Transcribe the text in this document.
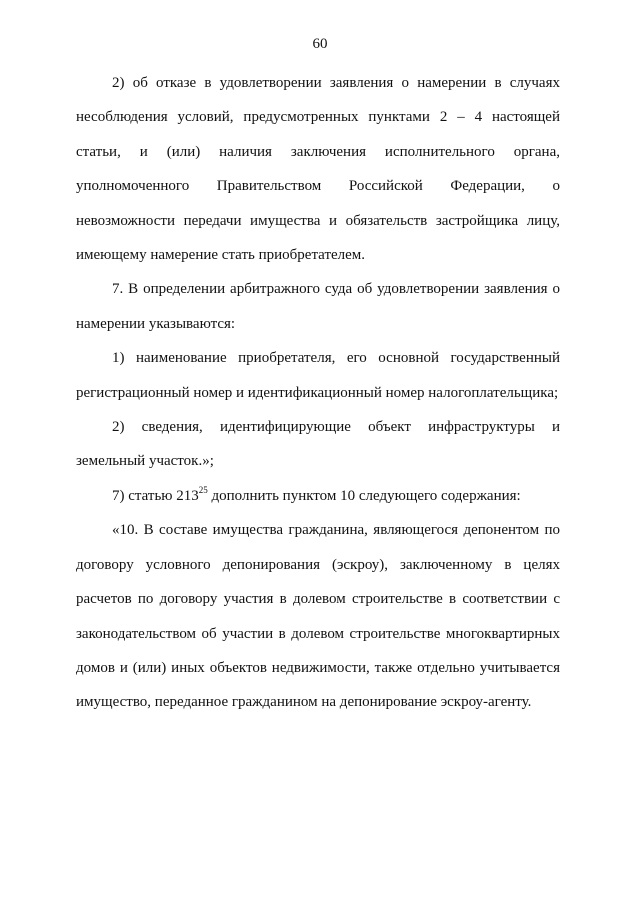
60

2) об отказе в удовлетворении заявления о намерении в случаях несоблюдения условий, предусмотренных пунктами 2 – 4 настоящей статьи, и (или) наличия заключения исполнительного органа, уполномоченного Правительством Российской Федерации, о невозможности передачи имущества и обязательств застройщика лицу, имеющему намерение стать приобретателем.

7. В определении арбитражного суда об удовлетворении заявления о намерении указываются:

1) наименование приобретателя, его основной государственный регистрационный номер и идентификационный номер налогоплательщика;

2) сведения, идентифицирующие объект инфраструктуры и земельный участок.»;

7) статью $213^{25}$ дополнить пунктом 10 следующего содержания:

«10. В составе имущества гражданина, являющегося депонентом по договору условного депонирования (эскроу), заключенному в целях расчетов по договору участия в долевом строительстве в соответствии с законодательством об участии в долевом строительстве многоквартирных домов и (или) иных объектов недвижимости, также отдельно учитывается имущество, переданное гражданином на депонирование эскроу-агенту.
